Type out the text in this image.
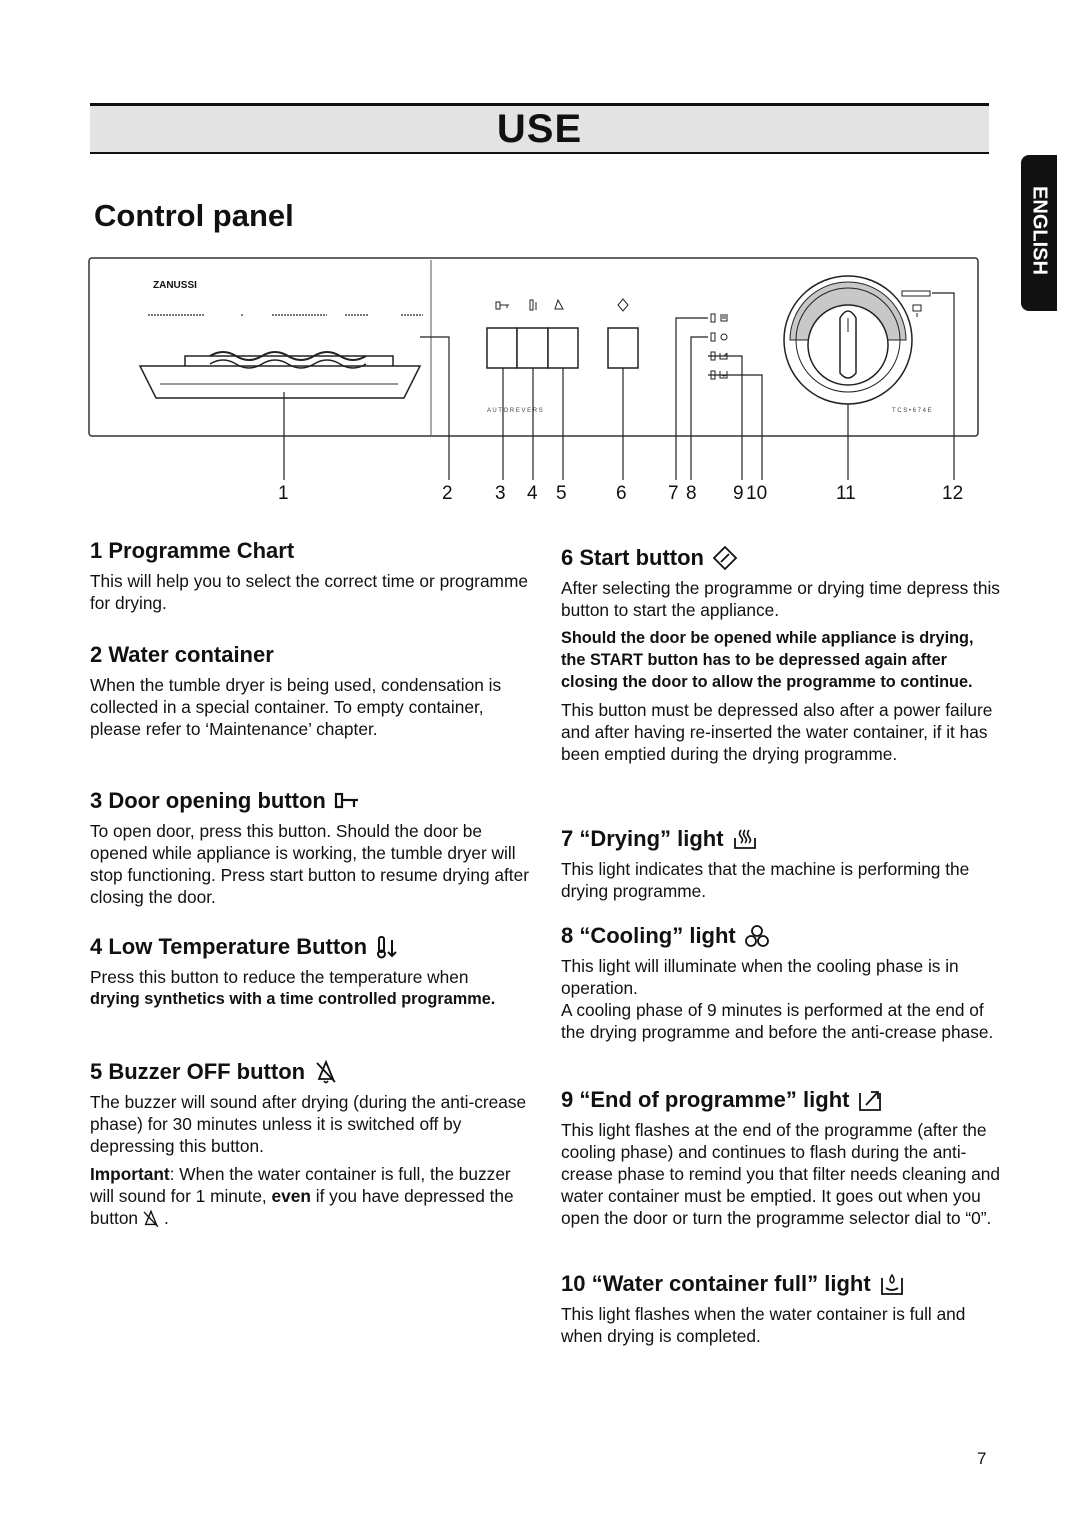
USE
ENGLISH
Control panel
ZANUSSI
A U T O R E V E R S	T C S • 6 7 4 E
1	2 3 4 5	6 7 8 9 10	11	12
1 Programme Chart

This will help you to select the correct time or programme for drying.

2 Water container

When the tumble dryer is being used, condensation is collected in a special container. To empty container, please refer to ‘Maintenance’ chapter.

3 Door opening button

To open door, press this button. Should the door be opened while appliance is working, the tumble dryer will stop functioning. Press start button to resume drying after closing the door.

4 Low Temperature Button

Press this button to reduce the temperature when

drying synthetics with a time controlled programme.

5 Buzzer OFF button

The buzzer will sound after drying (during the anti-crease phase) for 30 minutes unless it is switched off by depressing this button.

Important: When the water container is full, the buzzer will sound for 1 minute, even if you have depressed the button .

6 Start button

After selecting the programme or drying time depress this button to start the appliance.

Should the door be opened while appliance is drying, the START button has to be depressed again after closing the door to allow the programme to continue.

This button must be depressed also after a power failure and after having re-inserted the water container, if it has been emptied during the drying programme.

7 “Drying” light

This light indicates that the machine is performing the drying programme.

8 “Cooling” light

This light will illuminate when the cooling phase is in operation.

A cooling phase of 9 minutes is performed at the end of the drying programme and before the anti-crease phase.

9 “End of programme” light

This light flashes at the end of the programme (after the cooling phase) and continues to flash during the anti-crease phase to remind you that filter needs cleaning and water container must be emptied. It goes out when you open the door or turn the programme selector dial to “0”.

10 “Water container full” light

This light flashes when the water container is full and when drying is completed.

7
